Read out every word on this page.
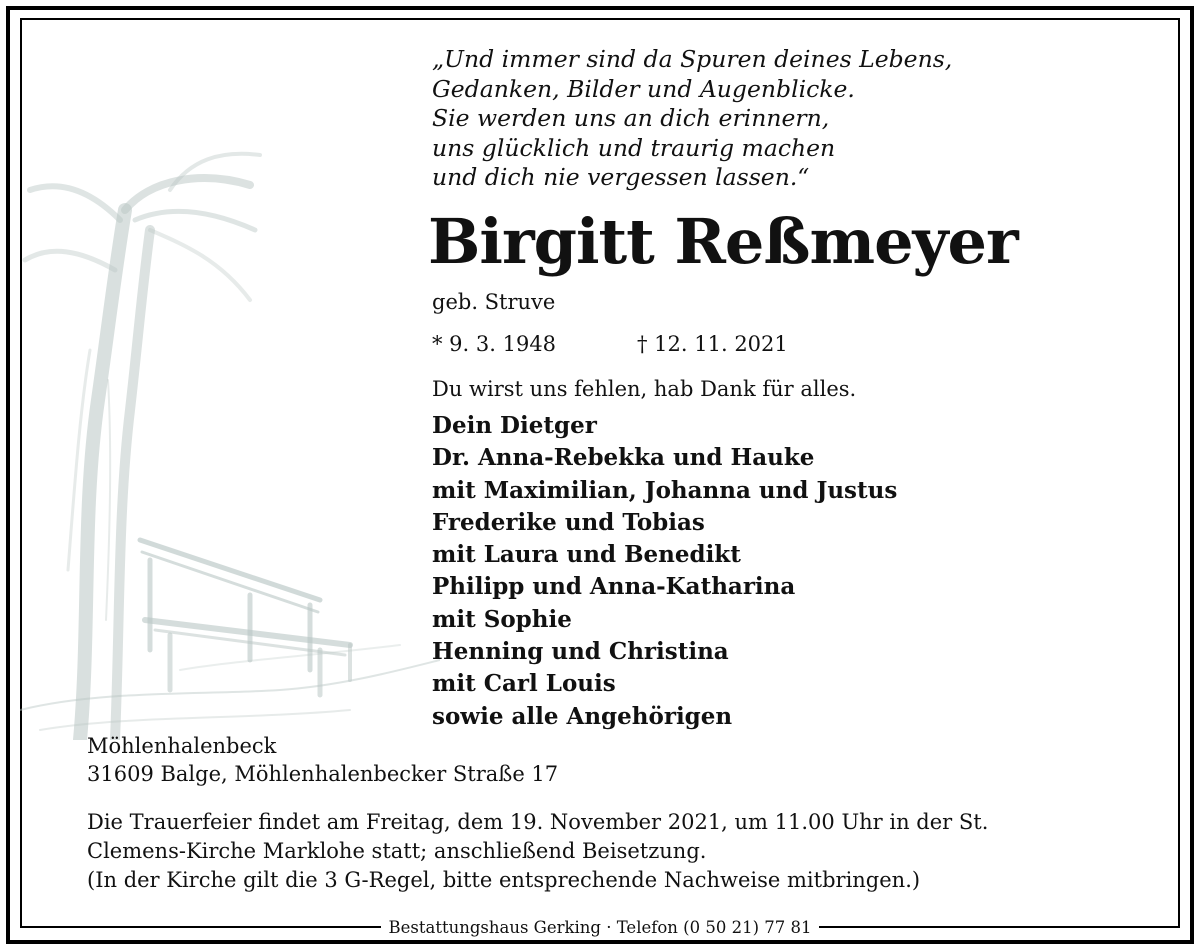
„Und immer sind da Spuren deines Lebens,
Gedanken, Bilder und Augenblicke.
Sie werden uns an dich erinnern,
uns glücklich und traurig machen
und dich nie vergessen lassen.“
Birgitt Reßmeyer
geb. Struve
* 9. 3. 1948	† 12. 11. 2021
Du wirst uns fehlen, hab Dank für alles.
Dein Dietger
Dr. Anna-Rebekka und Hauke
mit Maximilian, Johanna und Justus
Frederike und Tobias
mit Laura und Benedikt
Philipp und Anna-Katharina
mit Sophie
Henning und Christina
mit Carl Louis
sowie alle Angehörigen
Möhlenhalenbeck
31609 Balge, Möhlenhalenbecker Straße 17
Die Trauerfeier findet am Freitag, dem 19. November 2021, um 11.00 Uhr in der St.
Clemens-Kirche Marklohe statt; anschließend Beisetzung.
(In der Kirche gilt die 3 G-Regel, bitte entsprechende Nachweise mitbringen.)
Bestattungshaus Gerking · Telefon (0 50 21) 77 81
